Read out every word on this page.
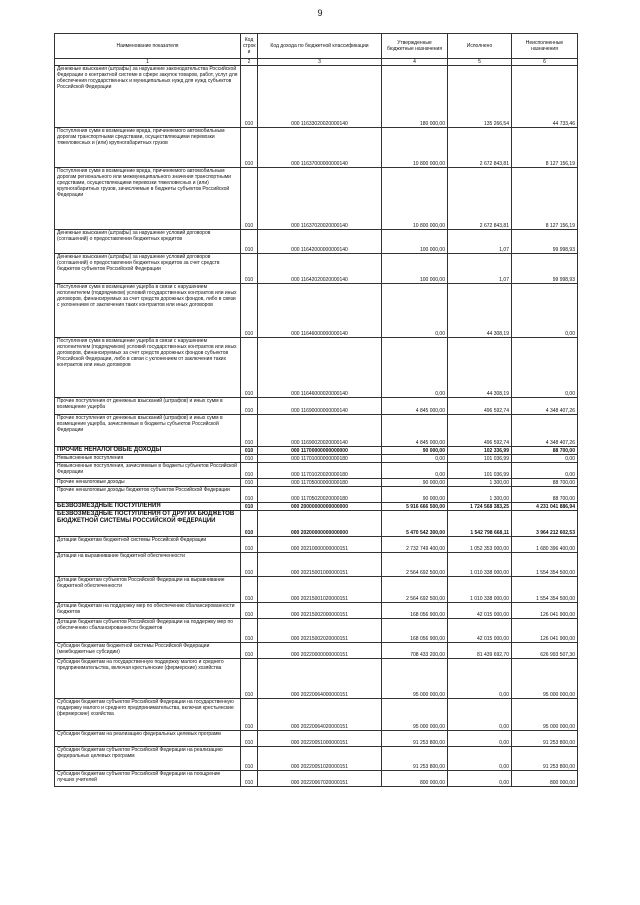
9
Наименование показателя	Код строк и	Код дохода по бюджетной классификации	Утвержденные бюджетные назначения	Исполнено	Неисполненные назначения
1	2	3	4	5	6
Денежные взыскания (штрафы) за нарушение законодательства Российской Федерации о контрактной системе в сфере закупок товаров, работ, услуг для обеспечения государственных и муниципальных нужд для нужд субъектов Российской Федерации	010	000 11633020020000140	180 000,00	135 266,54	44 733,46
Поступления сумм в возмещение вреда, причиняемого автомобильным дорогам транспортными средствами, осуществляющими перевозки тяжеловесных и (или) крупногабаритных грузов	010	000 11637000000000140	10 800 000,00	2 672 843,81	8 127 156,19
Поступления сумм в возмещение вреда, причиняемого автомобильным дорогам регионального или межмуниципального значения транспортными средствами, осуществляющими перевозки тяжеловесных и (или) крупногабаритных грузов, зачисляемые в бюджеты субъектов Российской Федерации	010	000 11637020020000140	10 800 000,00	2 672 843,81	8 127 156,19
Денежные взыскания (штрафы) за нарушение условий договоров (соглашений) о предоставлении бюджетных кредитов	010	000 11642000000000140	100 000,00	1,07	99 998,93
Денежные взыскания (штрафы) за нарушение условий договоров (соглашений) о предоставлении бюджетных кредитов за счет средств бюджетов субъектов Российской Федерации	010	000 11642020020000140	100 000,00	1,07	99 998,93
Поступления сумм в возмещение ущерба в связи с нарушением исполнителем (подрядчиком) условий государственных контрактов или иных договоров, финансируемых за счет средств дорожных фондов, либо в связи с уклонением от заключения таких контрактов или иных договоров	010	000 11646000000000140	0,00	44 308,19	0,00
Поступления сумм в возмещение ущерба в связи с нарушением исполнителем (подрядчиком) условий государственных контрактов или иных договоров, финансируемых за счет средств дорожных фондов субъектов Российской Федерации, либо в связи с уклонением от заключения таких контрактов или иных договоров	010	000 11646000020000140	0,00	44 308,19	0,00
Прочие поступления от денежных взысканий (штрафов) и иных сумм в возмещение ущерба	010	000 11690000000000140	4 845 000,00	496 592,74	4 348 407,26
Прочие поступления от денежных взысканий (штрафов) и иных сумм в возмещение ущерба, зачисляемые в бюджеты субъектов Российской Федерации	010	000 11690020020000140	4 845 000,00	496 592,74	4 348 407,26
ПРОЧИЕ НЕНАЛОГОВЫЕ ДОХОДЫ	010	000 11700000000000000	90 000,00	102 336,99	88 700,00
Невыясненные поступления	010	000 11701000000000180	0,00	101 036,99	0,00
Невыясненные поступления, зачисляемые в бюджеты субъектов Российской Федерации	010	000 11701020020000180	0,00	101 036,99	0,00
Прочие неналоговые доходы	010	000 11705000000000180	90 000,00	1 300,00	88 700,00
Прочие неналоговые доходы бюджетов субъектов Российской Федерации	010	000 11705020020000180	90 000,00	1 300,00	88 700,00
БЕЗВОЗМЕЗДНЫЕ ПОСТУПЛЕНИЯ	010	000 20000000000000000	5 916 666 500,00	1 724 568 383,25	4 231 041 886,94
БЕЗВОЗМЕЗДНЫЕ ПОСТУПЛЕНИЯ ОТ ДРУГИХ БЮДЖЕТОВ БЮДЖЕТНОЙ СИСТЕМЫ РОССИЙСКОЙ ФЕДЕРАЦИИ	010	000 20200000000000000	5 470 542 300,00	1 542 798 668,11	3 964 212 602,53
Дотации бюджетам бюджетной системы Российской Федерации	010	000 20210000000000151	2 732 749 400,00	1 052 353 000,00	1 680 396 400,00
Дотации на выравнивание бюджетной обеспеченности	010	000 20215001000000151	2 564 692 500,00	1 010 338 000,00	1 554 354 500,00
Дотации бюджетам субъектов Российской Федерации на выравнивание бюджетной обеспеченности	010	000 20215001020000151	2 564 692 500,00	1 010 338 000,00	1 554 354 500,00
Дотации бюджетам на поддержку мер по обеспечению сбалансированности бюджетов	010	000 20215002000000151	168 056 900,00	42 015 000,00	126 041 900,00
Дотации бюджетам субъектов Российской Федерации на поддержку мер по обеспечению сбалансированности бюджетов	010	000 20215002020000151	168 056 900,00	42 015 000,00	126 041 900,00
Субсидии бюджетам бюджетной системы Российской Федерации (межбюджетные субсидии)	010	000 20220000000000151	708 433 200,00	81 439 692,70	626 993 507,30
Субсидии бюджетам на государственную поддержку малого и среднего предпринимательства, включая крестьянские (фермерские) хозяйства	010	000 20220064000000151	95 000 000,00	0,00	95 000 000,00
Субсидии бюджетам субъектов Российской Федерации на государственную поддержку малого и среднего предпринимательства, включая крестьянские (фермерские) хозяйства	010	000 20220064020000151	95 000 000,00	0,00	95 000 000,00
Субсидии бюджетам на реализацию федеральных целевых программ	010	000 20220051000000151	91 253 800,00	0,00	91 253 800,00
Субсидии бюджетам субъектов Российской Федерации на реализацию федеральных целевых программ	010	000 20220051020000151	91 253 800,00	0,00	91 253 800,00
Субсидии бюджетам субъектов Российской Федерации на поощрение лучших учителей	010	000 20220067020000151	800 000,00	0,00	800 000,00
